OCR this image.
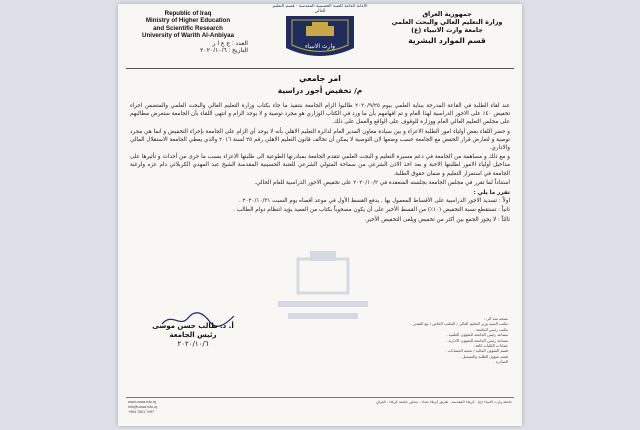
Republic of Iraq
Ministry of Higher Education
and Scientific Research
University of Warith Al-Anbiyaa
العدد : ج ع ا ر
التاريخ : ٢٠٢٠/١٠/٦
الأمانة العامة للعتبة الحسينية المقدسة - قسم التعليم العالي
وارث الانبياء
جمهورية العراق
وزارة التعليم العالي والبحث العلمي
جامعة وارث الانبياء (ع)
قسم الموارد البشرية
امر جامعي
م/ تخفيض أجور دراسية

عند لقاء الطلبة في القاعة المدرجة ببناية العلمي بيوم ٢٠٢٠/٩/٢٥ طالبوا الزام الجامعة بتنفيذ ما جاء بكتاب وزارة التعليم العالي والبحث العلمي والمتضمن اجراء تخفيض ٤٠٪ على الاجور الدراسية لهذا العام و تم افهامهم بأن ما ورد في الكتاب الوزاري هو مجرد توصية و لا يوجد الزام و انتهى اللقاء بأن الجامعة ستعرض مطالبهم على مجلس التعليم العالي العام ووزارة للوقوف على الواقع والعمل على ذلك.

و حضر اللقاء بعض أولياء امور الطلبة الاعزاء و بين سيادة معاون المدير العام لدائرة التعليم الاهلي بأنه لا يوجد أي الزام على الجامعة بإجراء التخفيض و انما هي مجرد توصية و لتعارض قرار الخفض مع الجامعة حسب وضعها لان التوصية لا يمكن أن تخالف قانون التعليم الاهلي رقم ٢٥ لسنة ٢٠١٦ والذي يعطي الجامعة الاستقلال المالي والاداري.

و مع ذلك و مساهمة من الجامعة في دعم مسيرة التعليم و البحث العلمي تتقدم الجامعة بمبادرتها الطوعية الى طلبتها الاعزاء بسبب ما جرى من أحداث و تأثيرها على مداخيل أولياء الامور لطلبتها الاحبة و بعد اخذ الاذن الشرعي من سماحة المتولي الشرعي للعتبة الحسينية المقدسة الشيخ عبد المهدي الكربلائي دام عزه ولرغبة الجامعة في استمرار التعليم و ضمان حقوق الطلبة.

استناداً لما تقرر في مجلس الجامعة بجلسته المنعقدة في ٢٠٢٠/١٠/٢ على تخفيض الاجور الدراسية للعام الحالي.

تقرر ما يلي :

اولاً : تسديد الاجور الدراسية على الأقساط المعمول بها , يدفع القسط الأول في موعد أقصاه يوم السبت ٢٠٢٠/١٠/٣١ .

ثانياً : تستقطع نسبة التخفيض (١٠٪) من القسط الأخير على أن يكون مصحوباً بكتاب من العميد يؤيد انتظام دوام الطالب .

ثالثاً : لا يجوز الجمع بين أكثر من تخفيض ويلغى التخفيض الأخير.

أ. د. طالب حسن موسى
رئيس الجامعة
٢٠٢٠/١٠/٦
نسخة منه الى :
مكتب السيد وزير التعليم العالي / المكتب الخاص / مع التقدير .
مكتب رئيس الجامعة .
مساعد رئيس الجامعة للشؤون العلمية .
مساعد رئيس الجامعة للشؤون الادارية .
عمادات الكليات كافة .
قسم الشؤون المالية / شعبة الحسابات .
قسم شؤون الطلبة والتسجيل .
الصادرة .
www.uowa.edu.iq
info@uowa.edu.iq
+964 7801 7497
جامعة وارث الانبياء (ع) - كربلاء المقدسة - طريق كربلاء بغداد - مجاور جامعة كربلاء - العراق
